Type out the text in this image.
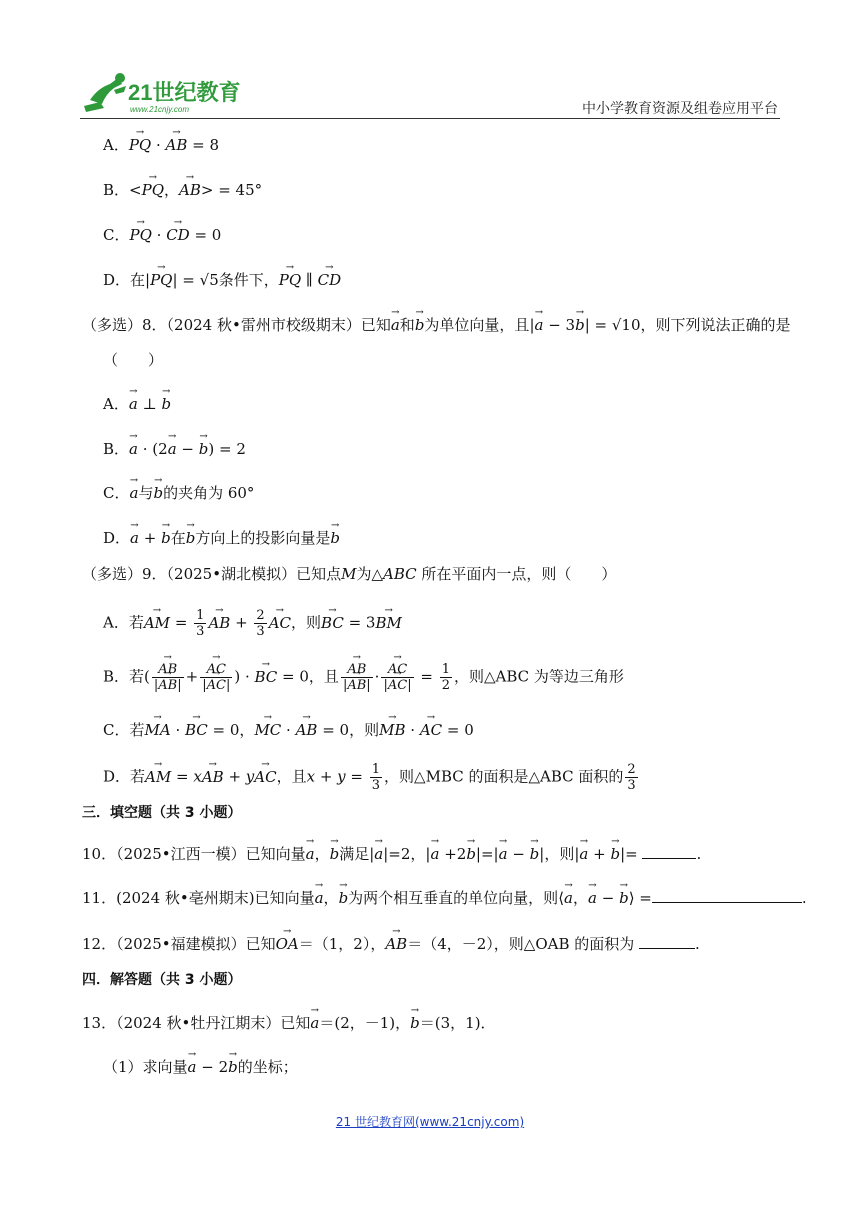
21世纪教育
www.21cnjy.com	中小学教育资源及组卷应用平台
A．→ PQ · → AB = 8
B．<→ PQ，→ AB> = 45°
C．→ PQ · → CD = 0
D．在|→ PQ| = √5条件下，→ PQ ∥ → CD
（多选）8．（2024 秋•雷州市校级期末）已知→ a和→ b为单位向量，且|→ a − 3→ b| = √10，则下列说法正确的是
（　　）
A．→ a ⊥ → b
B．→ a · (2→ a − → b) = 2
C．→ a与→ b的夹角为 60°
D．→ a + → b在→ b方向上的投影向量是→ b
（多选）9．（2025•湖北模拟）已知点M为△ABC 所在平面内一点，则（　　）
A．若→ AM = $\frac{1}{3}$ → AB + $\frac{2}{3}$ → AC，则→ BC = 3→ BM
B．若( → $\frac{AB}{|\to AB|}$ + → $\frac{AC}{|\to AC|}$ ) · → BC = 0，且 → $\frac{AB}{|\to AB|}$ · → $\frac{AC}{|\to AC|} = \frac{1}{2}$ ，则△ABC 为等边三角形
C．若→ MA · → BC = 0，→ MC · → AB = 0，则→ MB · → AC = 0
D．若→ AM = x→ AB + y→ AC，且$x + y = \frac{1}{3}$ ，则△MBC 的面积是△ABC 面积的 $\frac{2}{3}$
三．填空题（共 3 小题）
10．（2025•江西一模）已知向量→ a，→ b满足|→ a|=2，|→ a +2→ b|=|→ a − → b|，则|→ a + → b|=	.
11．(2024 秋•亳州期末)已知向量→ a，→ b为两个相互垂直的单位向量，则⟨→ a，→ a − → b⟩ =	.
12．（2025•福建模拟）已知→ OA＝（1，2），→ AB＝（4，－2），则△OAB 的面积为	.
四．解答题（共 3 小题）
13．（2024 秋•牡丹江期末）已知→ a＝(2，－1)，→ b＝(3，1)．
（1）求向量→ a − 2→ b的坐标；
21 世纪教育网(www.21cnjy.com)
